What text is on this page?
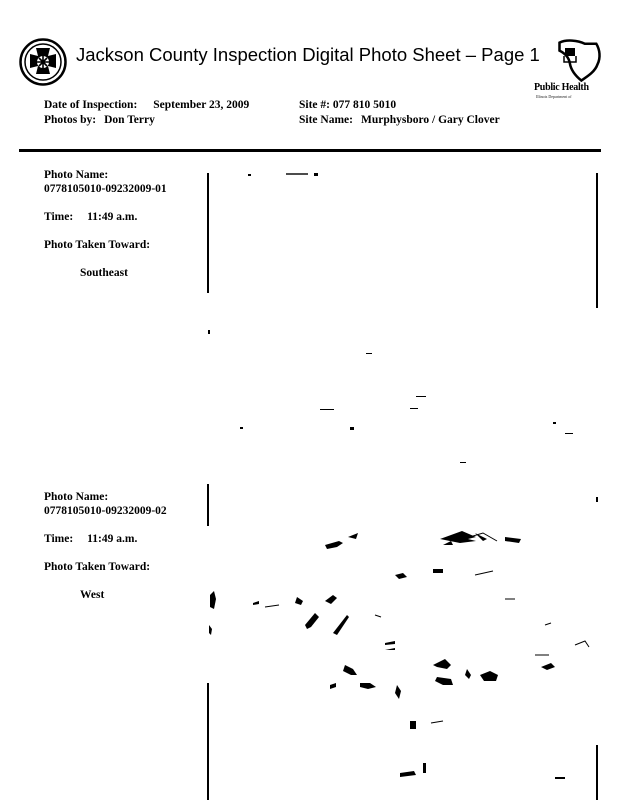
Jackson County Inspection Digital Photo Sheet – Page 1
Public Health
Illinois Department of
Date of Inspection: September 23, 2009
Photos by: Don Terry
Site #: 077 810 5010
Site Name: Murphysboro / Gary Clover
Photo Name:
0778105010-09232009-01
Time: 11:49 a.m.
Photo Taken Toward:
Southeast
Photo Name:
0778105010-09232009-02
Time: 11:49 a.m.
Photo Taken Toward:
West
